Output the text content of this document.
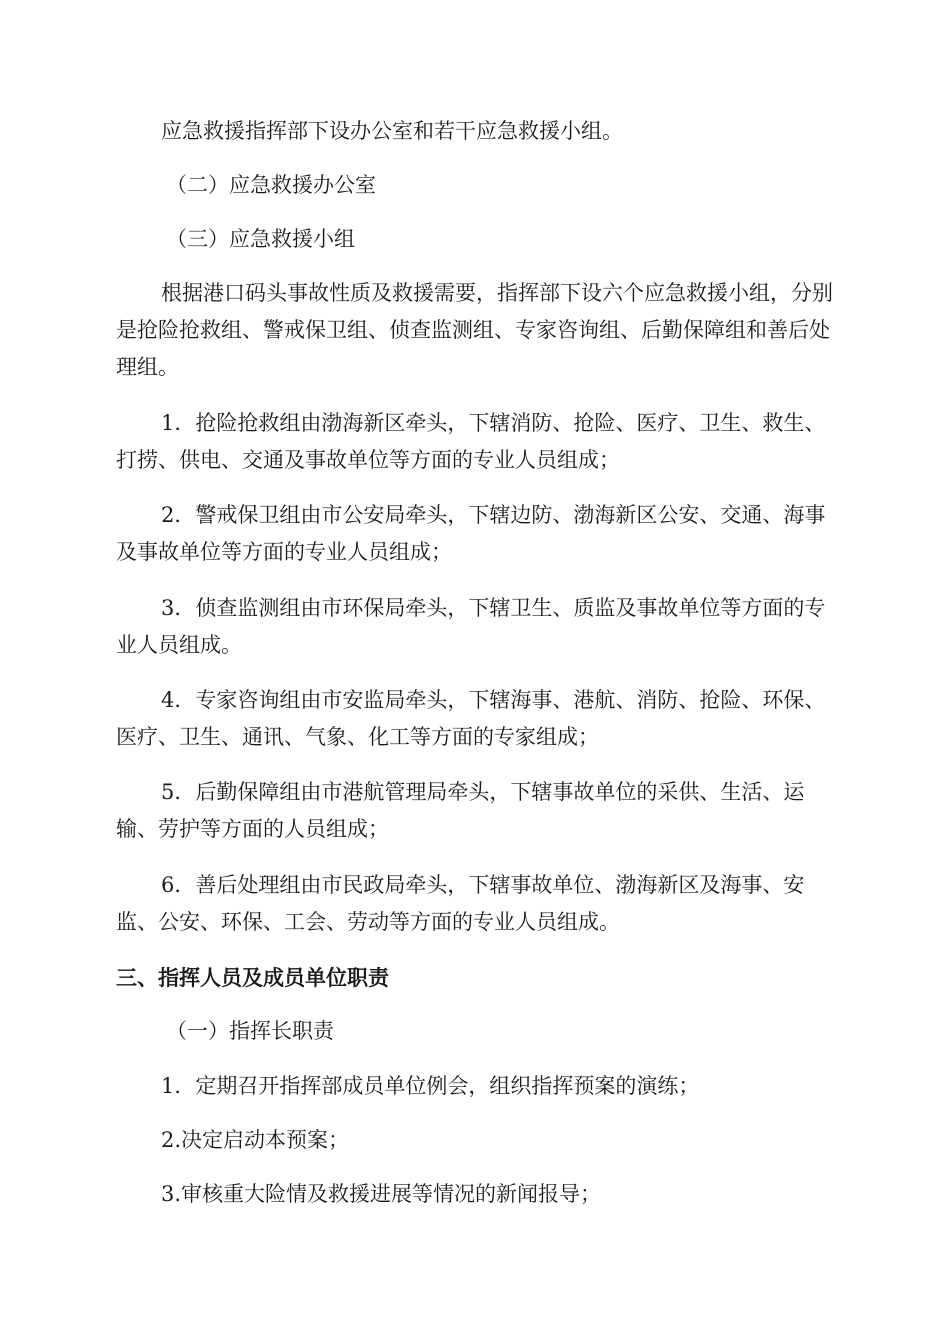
应急救援指挥部下设办公室和若干应急救援小组。

（二）应急救援办公室

（三）应急救援小组

根据港口码头事故性质及救援需要，指挥部下设六个应急救援小组，分别是抢险抢救组、警戒保卫组、侦查监测组、专家咨询组、后勤保障组和善后处理组。

1．抢险抢救组由渤海新区牵头，下辖消防、抢险、医疗、卫生、救生、打捞、供电、交通及事故单位等方面的专业人员组成；

2．警戒保卫组由市公安局牵头，下辖边防、渤海新区公安、交通、海事及事故单位等方面的专业人员组成；

3．侦查监测组由市环保局牵头，下辖卫生、质监及事故单位等方面的专业人员组成。

4．专家咨询组由市安监局牵头，下辖海事、港航、消防、抢险、环保、医疗、卫生、通讯、气象、化工等方面的专家组成；

5．后勤保障组由市港航管理局牵头，下辖事故单位的采供、生活、运输、劳护等方面的人员组成；

6．善后处理组由市民政局牵头，下辖事故单位、渤海新区及海事、安监、公安、环保、工会、劳动等方面的专业人员组成。

三、指挥人员及成员单位职责

（一）指挥长职责

1．定期召开指挥部成员单位例会，组织指挥预案的演练；

2.决定启动本预案；

3.审核重大险情及救援进展等情况的新闻报导；
